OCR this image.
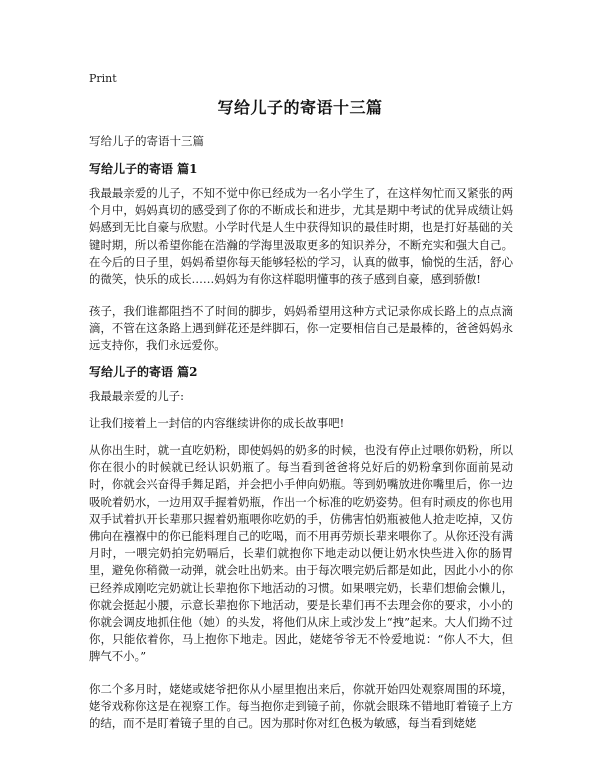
Print
写给儿子的寄语十三篇
写给儿子的寄语十三篇
写给儿子的寄语 篇1
我最最亲爱的儿子，不知不觉中你已经成为一名小学生了，在这样匆忙而又紧张的两个月中，妈妈真切的感受到了你的不断成长和进步，尤其是期中考试的优异成绩让妈妈感到无比自豪与欣慰。小学时代是人生中获得知识的最佳时期，也是打好基础的关键时期，所以希望你能在浩瀚的学海里汲取更多的知识养分，不断充实和强大自己。在今后的日子里，妈妈希望你每天能够轻松的学习，认真的做事，愉悦的生活，舒心的微笑，快乐的成长……妈妈为有你这样聪明懂事的孩子感到自豪，感到骄傲!
孩子，我们谁都阻挡不了时间的脚步，妈妈希望用这种方式记录你成长路上的点点滴滴，不管在这条路上遇到鲜花还是绊脚石，你一定要相信自己是最棒的，爸爸妈妈永远支持你，我们永远爱你。
写给儿子的寄语 篇2
我最最亲爱的儿子:
让我们接着上一封信的内容继续讲你的成长故事吧!
从你出生时，就一直吃奶粉，即使妈妈的奶多的时候，也没有停止过喂你奶粉，所以你在很小的时候就已经认识奶瓶了。每当看到爸爸将兑好后的奶粉拿到你面前晃动时，你就会兴奋得手舞足蹈，并会把小手伸向奶瓶。等到奶嘴放进你嘴里后，你一边吸吮着奶水，一边用双手握着奶瓶，作出一个标准的吃奶姿势。但有时顽皮的你也用双手试着扒开长辈那只握着奶瓶喂你吃奶的手，仿佛害怕奶瓶被他人抢走吃掉，又仿佛向在襁褓中的你已能料理自己的吃喝，而不用再劳烦长辈来喂你了。从你还没有满月时，一喂完奶拍完奶嗝后，长辈们就抱你下地走动以便让奶水快些进入你的肠胃里，避免你稍微一动弹，就会吐出奶来。由于每次喂完奶后都是如此，因此小小的你已经养成刚吃完奶就让长辈抱你下地活动的习惯。如果喂完奶，长辈们想偷会懒儿，你就会挺起小腰，示意长辈抱你下地活动，要是长辈们再不去理会你的要求，小小的你就会调皮地抓住他（她）的头发，将他们从床上或沙发上“拽”起来。大人们拗不过你，只能依着你，马上抱你下地走。因此，姥姥爷爷无不怜爱地说：“你人不大，但脾气不小。”
你二个多月时，姥姥或姥爷把你从小屋里抱出来后，你就开始四处观察周围的环境，姥爷戏称你这是在视察工作。每当抱你走到镜子前，你就会眼珠不错地盯着镜子上方的结，而不是盯着镜子里的自己。因为那时你对红色极为敏感，每当看到姥姥
